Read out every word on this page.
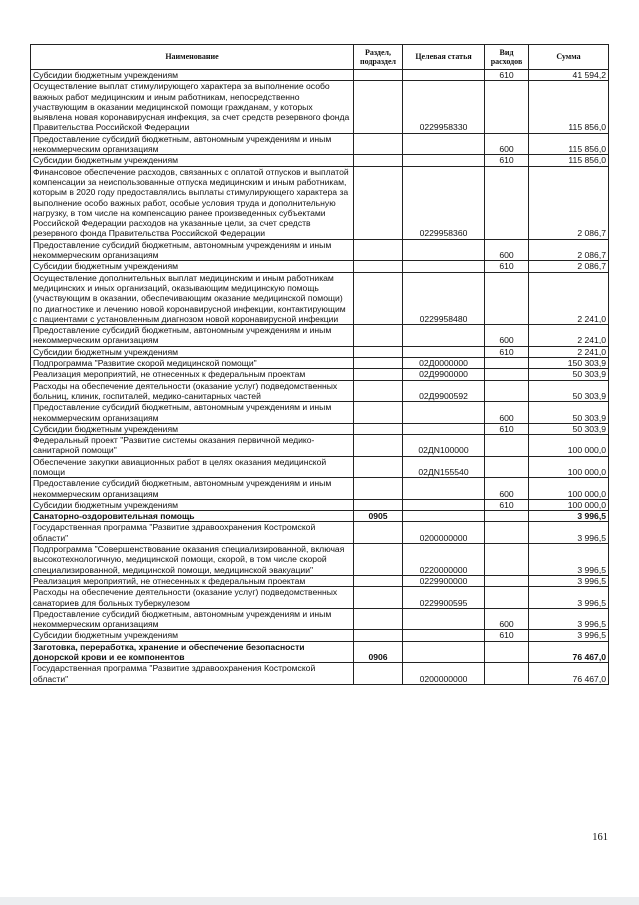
Наименование	Раздел, подраздел	Целевая статья	Вид расходов	Сумма
Субсидии бюджетным учреждениям			610	41 594,2
Осуществление выплат стимулирующего характера за выполнение особо важных работ медицинским и иным работникам, непосредственно участвующим в оказании медицинской помощи гражданам, у которых выявлена новая коронавирусная инфекция, за счет средств резервного фонда Правительства Российской Федерации		0229958330		115 856,0
Предоставление субсидий бюджетным, автономным учреждениям и иным некоммерческим организациям			600	115 856,0
Субсидии бюджетным учреждениям			610	115 856,0
Финансовое обеспечение расходов, связанных с оплатой отпусков и выплатой компенсации за неиспользованные отпуска медицинским и иным работникам, которым в 2020 году предоставлялись выплаты стимулирующего характера за выполнение особо важных работ, особые условия труда и дополнительную нагрузку, в том числе на компенсацию ранее произведенных субъектами Российской Федерации расходов на указанные цели, за счет средств резервного фонда Правительства Российской Федерации		0229958360		2 086,7
Предоставление субсидий бюджетным, автономным учреждениям и иным некоммерческим организациям			600	2 086,7
Субсидии бюджетным учреждениям			610	2 086,7
Осуществление дополнительных выплат медицинским и иным работникам медицинских и иных организаций, оказывающим медицинскую помощь (участвующим в оказании, обеспечивающим оказание медицинской помощи) по диагностике и лечению новой коронавирусной инфекции, контактирующим с пациентами с установленным диагнозом новой коронавирусной инфекции		0229958480		2 241,0
Предоставление субсидий бюджетным, автономным учреждениям и иным некоммерческим организациям			600	2 241,0
Субсидии бюджетным учреждениям			610	2 241,0
Подпрограмма "Развитие скорой медицинской помощи"		02Д0000000		150 303,9
Реализация мероприятий, не отнесенных к федеральным проектам		02Д9900000		50 303,9
Расходы на обеспечение деятельности (оказание услуг) подведомственных больниц, клиник, госпиталей, медико-санитарных частей		02Д9900592		50 303,9
Предоставление субсидий бюджетным, автономным учреждениям и иным некоммерческим организациям			600	50 303,9
Субсидии бюджетным учреждениям			610	50 303,9
Федеральный проект "Развитие системы оказания первичной медико-санитарной помощи"		02ДN100000		100 000,0
Обеспечение закупки авиационных работ в целях оказания медицинской помощи		02ДN155540		100 000,0
Предоставление субсидий бюджетным, автономным учреждениям и иным некоммерческим организациям			600	100 000,0
Субсидии бюджетным учреждениям			610	100 000,0
Санаторно-оздоровительная помощь	0905			3 996,5
Государственная программа "Развитие здравоохранения Костромской области"		0200000000		3 996,5
Подпрограмма "Совершенствование оказания специализированной, включая высокотехнологичную, медицинской помощи, скорой, в том числе скорой специализированной, медицинской помощи, медицинской эвакуации"		0220000000		3 996,5
Реализация мероприятий, не отнесенных к федеральным проектам		0229900000		3 996,5
Расходы на обеспечение деятельности (оказание услуг) подведомственных санаториев для больных туберкулезом		0229900595		3 996,5
Предоставление субсидий бюджетным, автономным учреждениям и иным некоммерческим организациям			600	3 996,5
Субсидии бюджетным учреждениям			610	3 996,5
Заготовка, переработка, хранение и обеспечение безопасности донорской крови и ее компонентов	0906			76 467,0
Государственная программа "Развитие здравоохранения Костромской области"		0200000000		76 467,0
161
